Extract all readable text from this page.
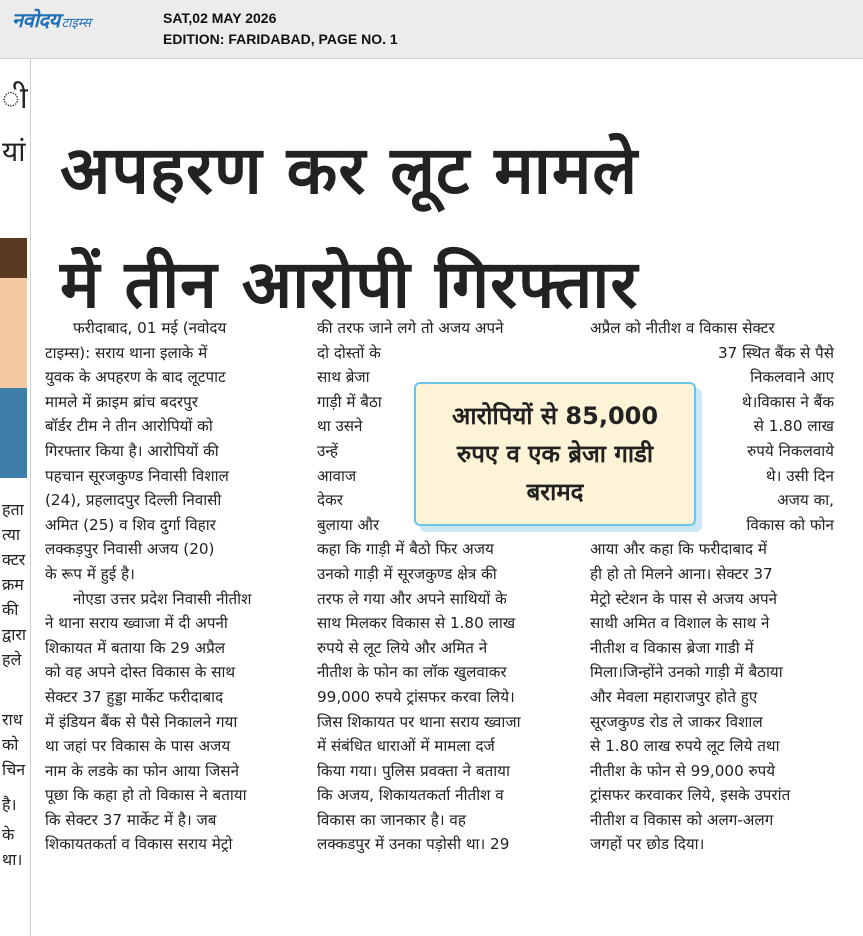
नवोदय टाइम्स	SAT,02 MAY 2026
EDITION: FARIDABAD, PAGE NO. 1
ी
यां
हता
त्या
क्टर
क्रम
की
द्वारा
हले
राध
को
चिन
है।
के
था।
अपहरण कर लूट मामले
में तीन आरोपी गिरफ्तार

फरीदाबाद, 01 मई (नवोदय

टाइम्स): सराय थाना इलाके में

युवक के अपहरण के बाद लूटपाट

मामले में क्राइम ब्रांच बदरपुर

बॉर्डर टीम ने तीन आरोपियों को

गिरफ्तार किया है। आरोपियों की

पहचान सूरजकुण्ड निवासी विशाल

(24), प्रहलादपुर दिल्ली निवासी

अमित (25) व शिव दुर्गा विहार

लक्कड़पुर निवासी अजय (20)

के रूप में हुई है।

नोएडा उत्तर प्रदेश निवासी नीतीश

ने थाना सराय ख्वाजा में दी अपनी

शिकायत में बताया कि 29 अप्रैल

को वह अपने दोस्त विकास के साथ

सेक्टर 37 हुड्डा मार्केट फरीदाबाद

में इंडियन बैंक से पैसे निकालने गया

था जहां पर विकास के पास अजय

नाम के लडके का फोन आया जिसने

पूछा कि कहा हो तो विकास ने बताया

कि सेक्टर 37 मार्केट में है। जब

शिकायतकर्ता व विकास सराय मेट्रो

की तरफ जाने लगे तो अजय अपने

दो दोस्तों के

साथ ब्रेजा

गाड़ी में बैठा

था उसने

उन्हें

आवाज

देकर

बुलाया और

कहा कि गाड़ी में बैठो फिर अजय

उनको गाड़ी में सूरजकुण्ड क्षेत्र की

तरफ ले गया और अपने साथियों के

साथ मिलकर विकास से 1.80 लाख

रुपये से लूट लिये और अमित ने

नीतीश के फोन का लॉक खुलवाकर

99,000 रुपये ट्रांसफर करवा लिये।

जिस शिकायत पर थाना सराय ख्वाजा

में संबंधित धाराओं में मामला दर्ज

किया गया। पुलिस प्रवक्ता ने बताया

कि अजय, शिकायतकर्ता नीतीश व

विकास का जानकार है। वह

लक्कडपुर में उनका पड़ोसी था। 29

अप्रैल को नीतीश व विकास सेक्टर

37 स्थित बैंक से पैसे

निकलवाने आए

थे।विकास ने बैंक

से 1.80 लाख

रुपये निकलवाये

थे। उसी दिन

अजय का,

विकास को फोन

आया और कहा कि फरीदाबाद में

ही हो तो मिलने आना। सेक्टर 37

मेट्रो स्टेशन के पास से अजय अपने

साथी अमित व विशाल के साथ ने

नीतीश व विकास ब्रेजा गाडी में

मिला।जिन्होंने उनको गाड़ी में बैठाया

और मेवला महाराजपुर होते हुए

सूरजकुण्ड रोड ले जाकर विशाल

से 1.80 लाख रुपये लूट लिये तथा

नीतीश के फोन से 99,000 रुपये

ट्रांसफर करवाकर लिये, इसके उपरांत

नीतीश व विकास को अलग-अलग

जगहों पर छोड दिया।

आरोपियों से 85,000
रुपए व एक ब्रेजा गाडी
बरामद
